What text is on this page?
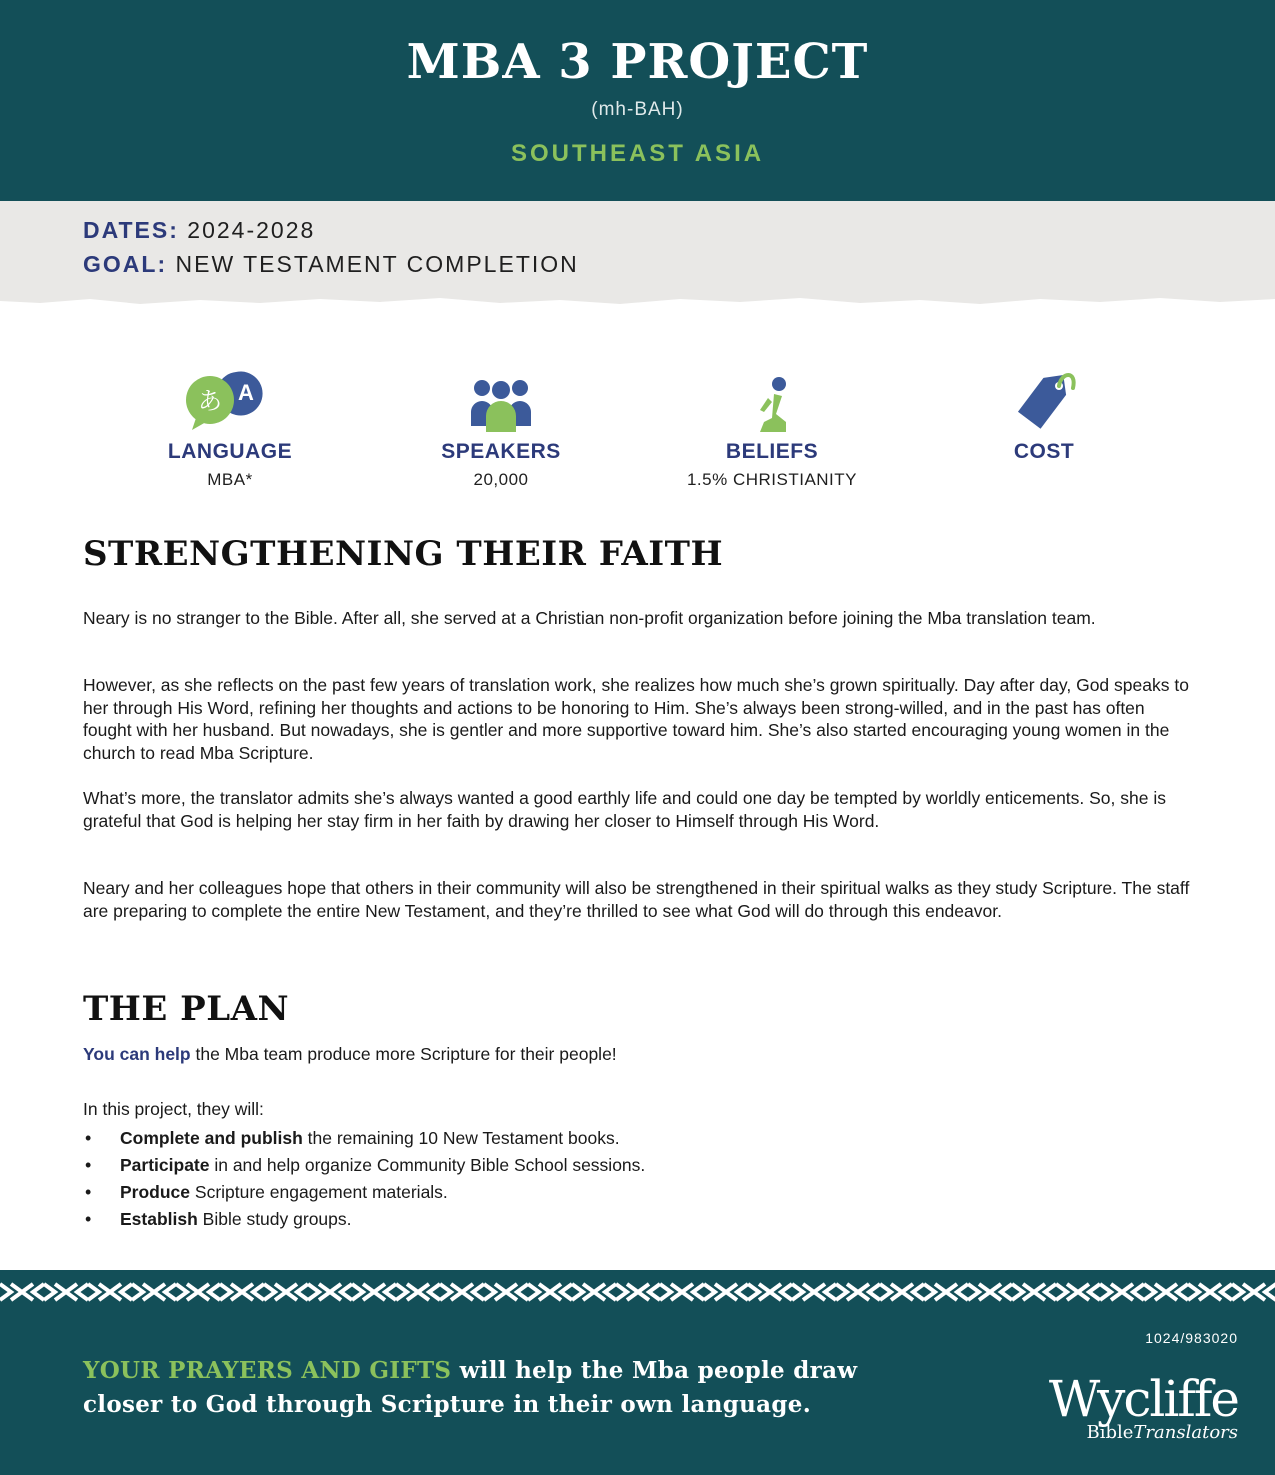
MBA 3 PROJECT
(mh-BAH)
SOUTHEAST ASIA
DATES: 2024-2028
GOAL: NEW TESTAMENT COMPLETION
A
あ
LANGUAGE
MBA*
SPEAKERS
20,000
BELIEFS
1.5% CHRISTIANITY
COST
STRENGTHENING THEIR FAITH

Neary is no stranger to the Bible. After all, she served at a Christian non-profit organization before joining the Mba translation team.

However, as she reflects on the past few years of translation work, she realizes how much she’s grown spiritually. Day after day, God speaks to her through His Word, refining her thoughts and actions to be honoring to Him. She’s always been strong-willed, and in the past has often fought with her husband. But nowadays, she is gentler and more supportive toward him. She’s also started encouraging young women in the church to read Mba Scripture.

What’s more, the translator admits she’s always wanted a good earthly life and could one day be tempted by worldly enticements. So, she is grateful that God is helping her stay firm in her faith by drawing her closer to Himself through His Word.

Neary and her colleagues hope that others in their community will also be strengthened in their spiritual walks as they study Scripture. The staff are preparing to complete the entire New Testament, and they’re thrilled to see what God will do through this endeavor.

THE PLAN

You can help the Mba team produce more Scripture for their people!

In this project, they will:

• Complete and publish the remaining 10 New Testament books.
• Participate in and help organize Community Bible School sessions.
• Produce Scripture engagement materials.
• Establish Bible study groups.
1024/983020
YOUR PRAYERS AND GIFTS will help the Mba people draw closer to God through Scripture in their own language.	Wycliffe
BibleTranslators
